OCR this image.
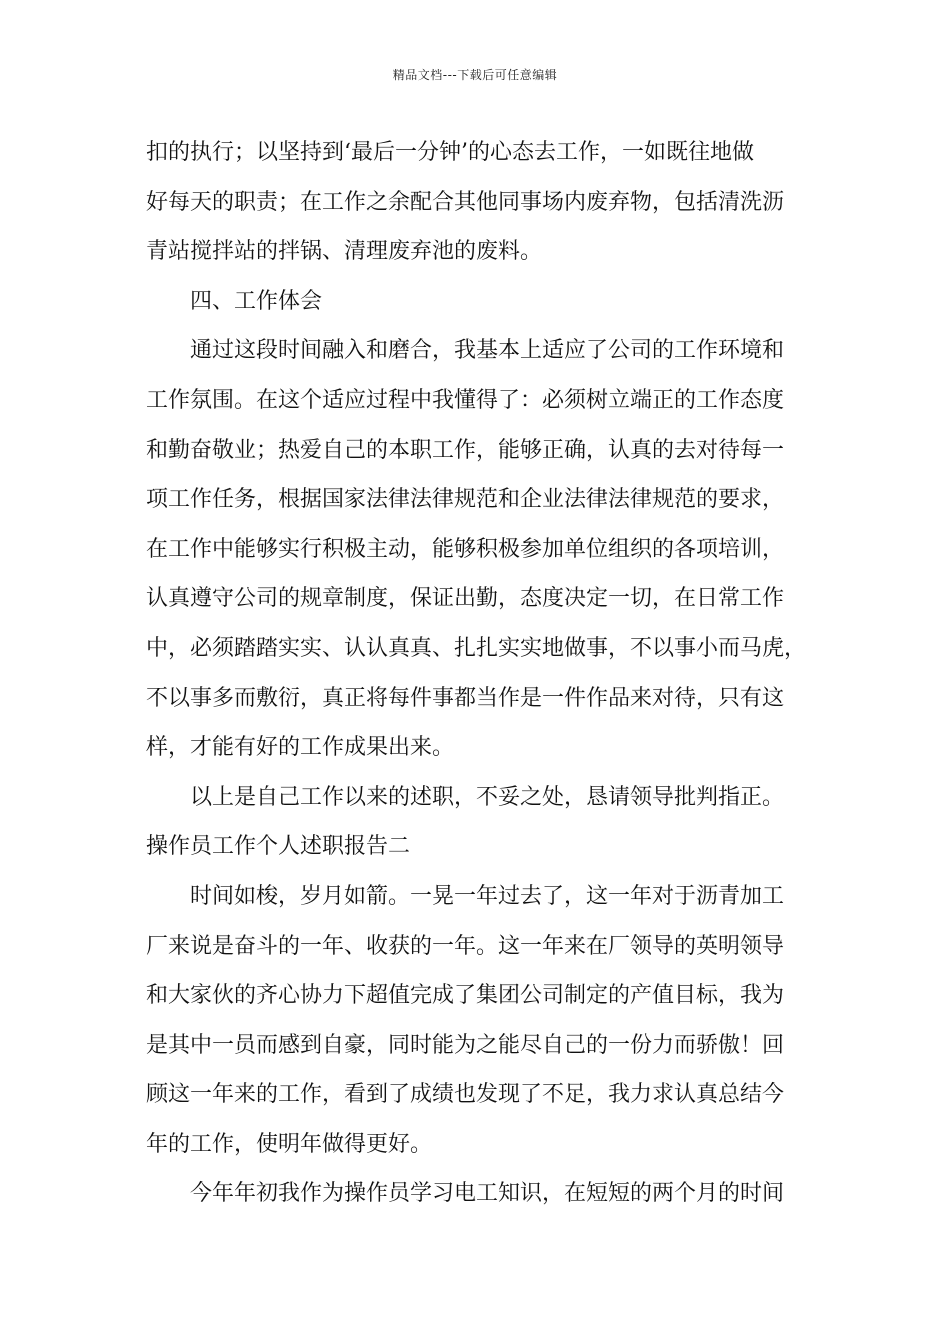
精品文档---下载后可任意编辑
扣的执行；以坚持到‘最后一分钟’的心态去工作，一如既往地做
好每天的职责；在工作之余配合其他同事场内废弃物，包括清洗沥
青站搅拌站的拌锅、清理废弃池的废料。
四、工作体会
通过这段时间融入和磨合，我基本上适应了公司的工作环境和
工作氛围。在这个适应过程中我懂得了：必须树立端正的工作态度
和勤奋敬业；热爱自己的本职工作，能够正确，认真的去对待每一
项工作任务，根据国家法律法律规范和企业法律法律规范的要求，
在工作中能够实行积极主动，能够积极参加单位组织的各项培训，
认真遵守公司的规章制度，保证出勤，态度决定一切，在日常工作
中，必须踏踏实实、认认真真、扎扎实实地做事，不以事小而马虎，
不以事多而敷衍，真正将每件事都当作是一件作品来对待，只有这
样，才能有好的工作成果出来。
以上是自己工作以来的述职，不妥之处，恳请领导批判指正。
操作员工作个人述职报告二
时间如梭，岁月如箭。一晃一年过去了，这一年对于沥青加工
厂来说是奋斗的一年、收获的一年。这一年来在厂领导的英明领导
和大家伙的齐心协力下超值完成了集团公司制定的产值目标，我为
是其中一员而感到自豪，同时能为之能尽自己的一份力而骄傲！回
顾这一年来的工作，看到了成绩也发现了不足，我力求认真总结今
年的工作，使明年做得更好。
今年年初我作为操作员学习电工知识，在短短的两个月的时间
